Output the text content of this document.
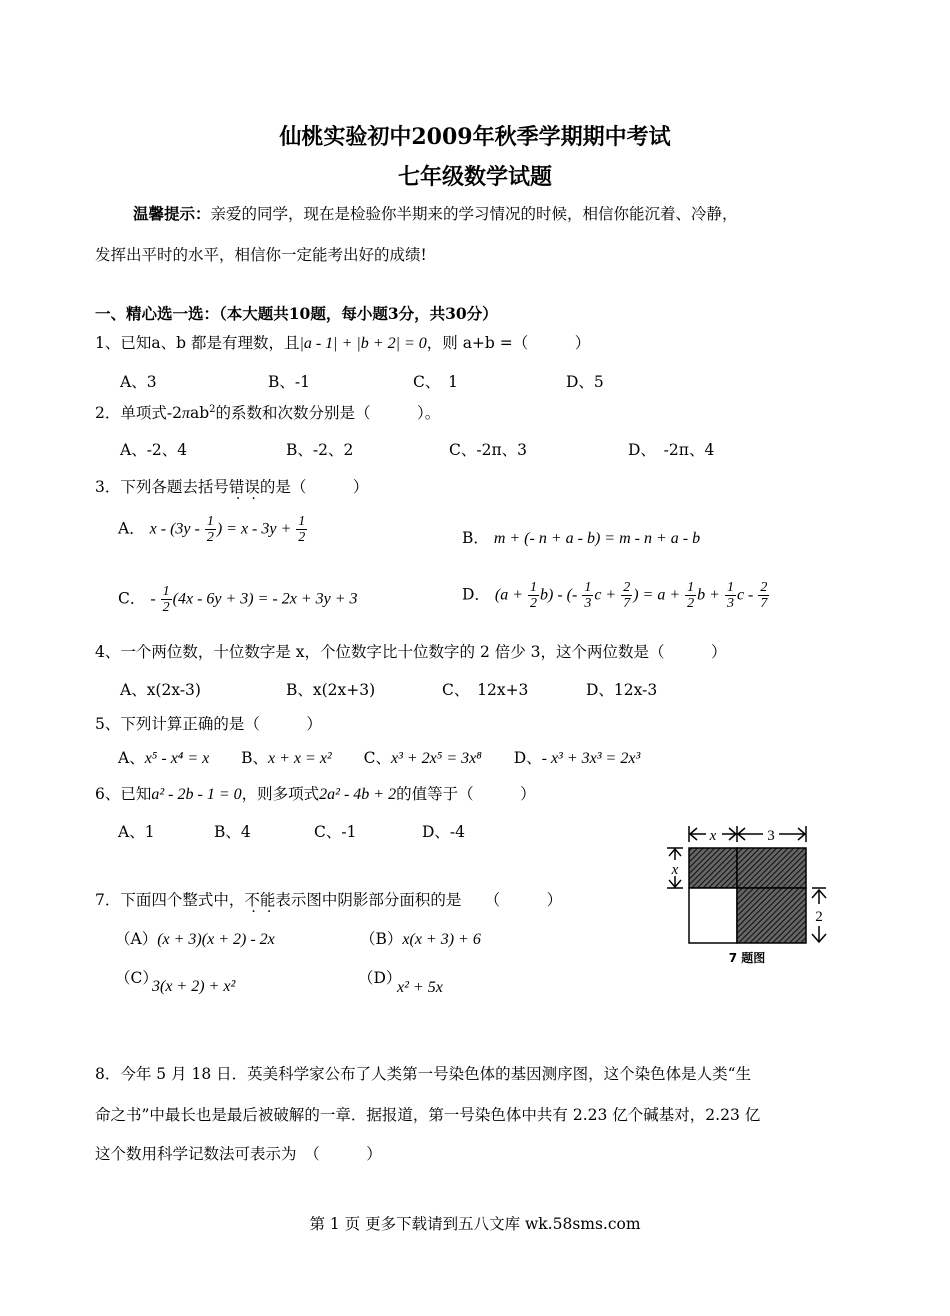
仙桃实验初中2009年秋季学期期中考试
七年级数学试题
温馨提示：亲爱的同学，现在是检验你半期来的学习情况的时候，相信你能沉着、冷静，
发挥出平时的水平，相信你一定能考出好的成绩!
一、精心选一选：（本大题共10题，每小题3分，共30分）
1、已知a、b 都是有理数，且|a - 1| + |b + 2| = 0，则 a+b =（　　　）
A、3	B、-1	C、　1	D、5
2．单项式-2πab$^2$的系数和次数分别是（　　　）。
A、-2、4	B、-2、2	C、-2π、3	D、　-2π、4
3．下列各题去括号错误的是（　　　）
A． x - ($3y - \frac{1}{2}$ ) = $x - 3y + \frac{1}{2}$	B． m + (- n + a - b) = m - n + a - b
C． - $\frac{1}{2} (4x - 6y + 3)$ = - 2x + 3y + 3	D． $(a + \frac{1}{2} b)$ - (- $\frac{1}{3}$ $c + \frac{2}{7}$ ) = $a + \frac{1}{2}$ $b + \frac{1}{3}$ c - $\frac{2}{7}$
4、一个两位数，十位数字是 x，个位数字比十位数字的 2 倍少 3，这个两位数是（　　　）
A、x(2x-3)	B、x(2x+3)	C、　12x+3	D、12x-3
5、下列计算正确的是（　　　）
A、x⁵ - x⁴ = x B、x + x = x² C、x³ + 2x⁵ = 3x⁸ D、- x³ + 3x³ = 2x³
6、已知a² - 2b - 1 = 0，则多项式2a² - 4b + 2的值等于（　　　）
A、1	B、4	C、-1	D、-4	x	3
x
2
7 题图
7．下面四个整式中，不能表示图中阴影部分面积的是　　（　　　）
（A）(x + 3)(x + 2) - 2x	（B）x(x + 3) + 6
（C）
3(x + 2) + x²	（D）
x² + 5x
8．今年 5 月 18 日．英美科学家公布了人类第一号染色体的基因测序图，这个染色体是人类“生
命之书”中最长也是最后被破解的一章．据报道，第一号染色体中共有 2.23 亿个碱基对，2.23 亿
这个数用科学记数法可表示为　（　　　）
第 1 页 更多下载请到五八文库 wk.58sms.com
